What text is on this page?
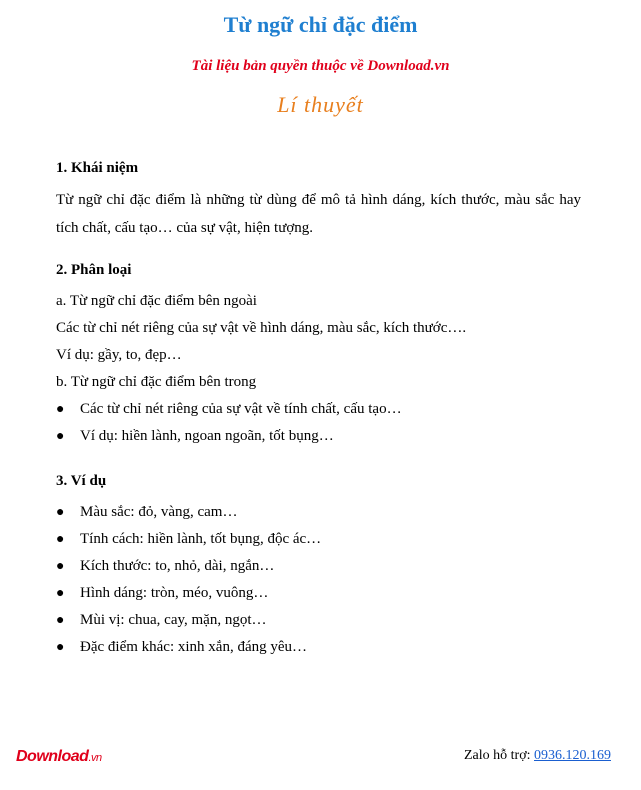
Từ ngữ chỉ đặc điểm
Tài liệu bản quyền thuộc về Download.vn
Lí thuyết
1. Khái niệm
Từ ngữ chỉ đặc điểm là những từ dùng để mô tả hình dáng, kích thước, màu sắc hay tích chất, cấu tạo… của sự vật, hiện tượng.
2. Phân loại
a. Từ ngữ chỉ đặc điểm bên ngoài
Các từ chỉ nét riêng của sự vật về hình dáng, màu sắc, kích thước….
Ví dụ: gầy, to, đẹp…
b. Từ ngữ chỉ đặc điểm bên trong
● Các từ chỉ nét riêng của sự vật về tính chất, cấu tạo…
● Ví dụ: hiền lành, ngoan ngoãn, tốt bụng…
3. Ví dụ
● Màu sắc: đỏ, vàng, cam…
● Tính cách: hiền lành, tốt bụng, độc ác…
● Kích thước: to, nhỏ, dài, ngắn…
● Hình dáng: tròn, méo, vuông…
● Mùi vị: chua, cay, mặn, ngọt…
● Đặc điểm khác: xinh xắn, đáng yêu…
Download.vn	Zalo hỗ trợ: 0936.120.169
